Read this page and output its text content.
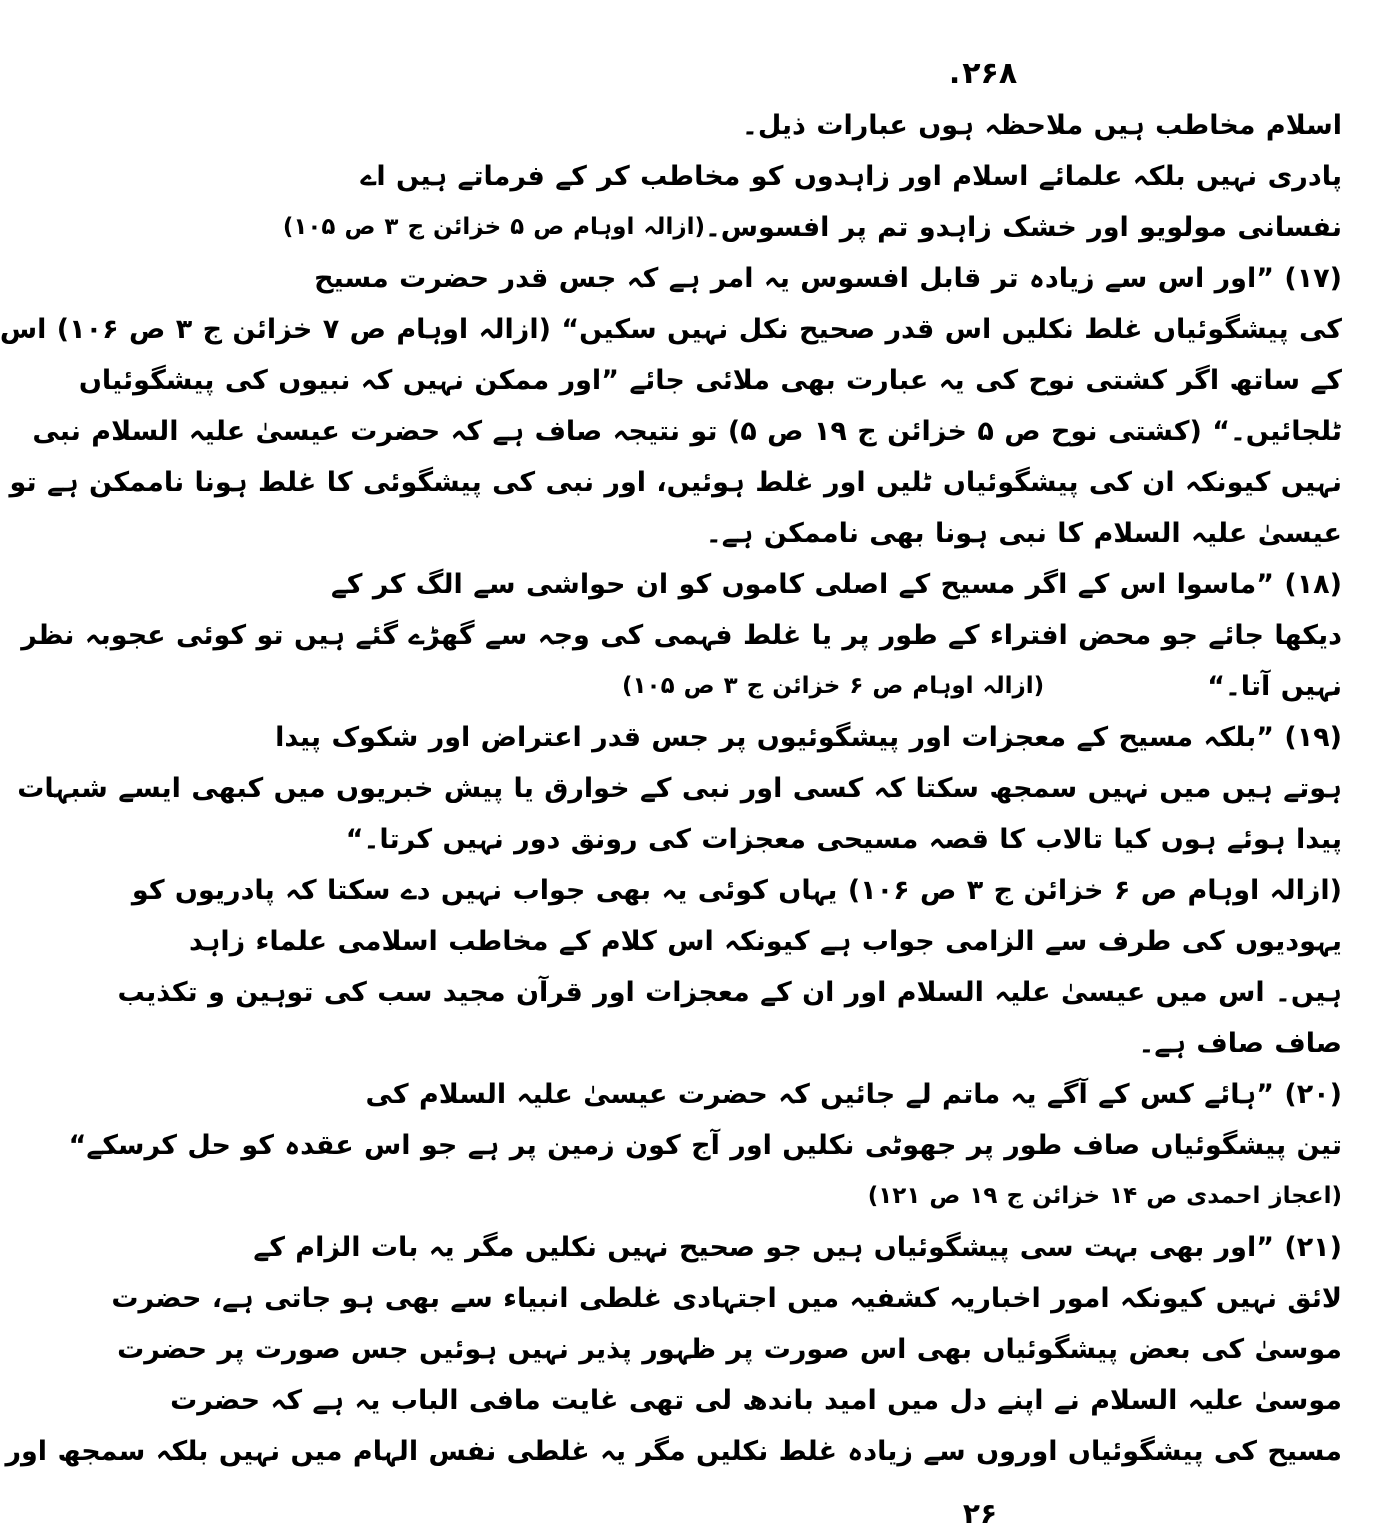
۲۶۸.
اسلام مخاطب ہیں ملاحظہ ہوں عبارات ذیل۔
پادری نہیں بلکہ علمائے اسلام اور زاہدوں کو مخاطب کر کے فرماتے ہیں اے
نفسانی مولویو اور خشک زاہدو تم پر افسوس۔
(ازالہ اوہام ص ۵ خزائن ج ۳ ص ۱۰۵)
(۱۷) ”اور اس سے زیادہ تر قابل افسوس یہ امر ہے کہ جس قدر حضرت مسیح
کی پیشگوئیاں غلط نکلیں اس قدر صحیح نکل نہیں سکیں“ (ازالہ اوہام ص ۷ خزائن ج ۳ ص ۱۰۶) اس
کے ساتھ اگر کشتی نوح کی یہ عبارت بھی ملائی جائے ”اور ممکن نہیں کہ نبیوں کی پیشگوئیاں
ٹلجائیں۔“ (کشتی نوح ص ۵ خزائن ج ۱۹ ص ۵) تو نتیجہ صاف ہے کہ حضرت عیسیٰ علیہ السلام نبی
نہیں کیونکہ ان کی پیشگوئیاں ٹلیں اور غلط ہوئیں، اور نبی کی پیشگوئی کا غلط ہونا ناممکن ہے تو
عیسیٰ علیہ السلام کا نبی ہونا بھی ناممکن ہے۔
(۱۸) ”ماسوا اس کے اگر مسیح کے اصلی کاموں کو ان حواشی سے الگ کر کے
دیکھا جائے جو محض افتراء کے طور پر یا غلط فہمی کی وجہ سے گھڑے گئے ہیں تو کوئی عجوبہ نظر
نہیں آتا۔“
(ازالہ اوہام ص ۶ خزائن ج ۳ ص ۱۰۵)
(۱۹) ”بلکہ مسیح کے معجزات اور پیشگوئیوں پر جس قدر اعتراض اور شکوک پیدا
ہوتے ہیں میں نہیں سمجھ سکتا کہ کسی اور نبی کے خوارق یا پیش خبریوں میں کبھی ایسے شبہات
پیدا ہوئے ہوں کیا تالاب کا قصہ مسیحی معجزات کی رونق دور نہیں کرتا۔“
(ازالہ اوہام ص ۶ خزائن ج ۳ ص ۱۰۶) یہاں کوئی یہ بھی جواب نہیں دے سکتا کہ پادریوں کو
یہودیوں کی طرف سے الزامی جواب ہے کیونکہ اس کلام کے مخاطب اسلامی علماء زاہد
ہیں۔ اس میں عیسیٰ علیہ السلام اور ان کے معجزات اور قرآن مجید سب کی توہین و تکذیب
صاف صاف ہے۔
(۲۰) ”ہائے کس کے آگے یہ ماتم لے جائیں کہ حضرت عیسیٰ علیہ السلام کی
تین پیشگوئیاں صاف طور پر جھوٹی نکلیں اور آج کون زمین پر ہے جو اس عقدہ کو حل کرسکے“
(اعجاز احمدی ص ۱۴ خزائن ج ۱۹ ص ۱۲۱)
(۲۱) ”اور بھی بہت سی پیشگوئیاں ہیں جو صحیح نہیں نکلیں مگر یہ بات الزام کے
لائق نہیں کیونکہ امور اخباریہ کشفیہ میں اجتہادی غلطی انبیاء سے بھی ہو جاتی ہے، حضرت
موسیٰ کی بعض پیشگوئیاں بھی اس صورت پر ظہور پذیر نہیں ہوئیں جس صورت پر حضرت
موسیٰ علیہ السلام نے اپنے دل میں امید باندھ لی تھی غایت مافی الباب یہ ہے کہ حضرت
مسیح کی پیشگوئیاں اوروں سے زیادہ غلط نکلیں مگر یہ غلطی نفس الہام میں نہیں بلکہ سمجھ اور
۲۶
